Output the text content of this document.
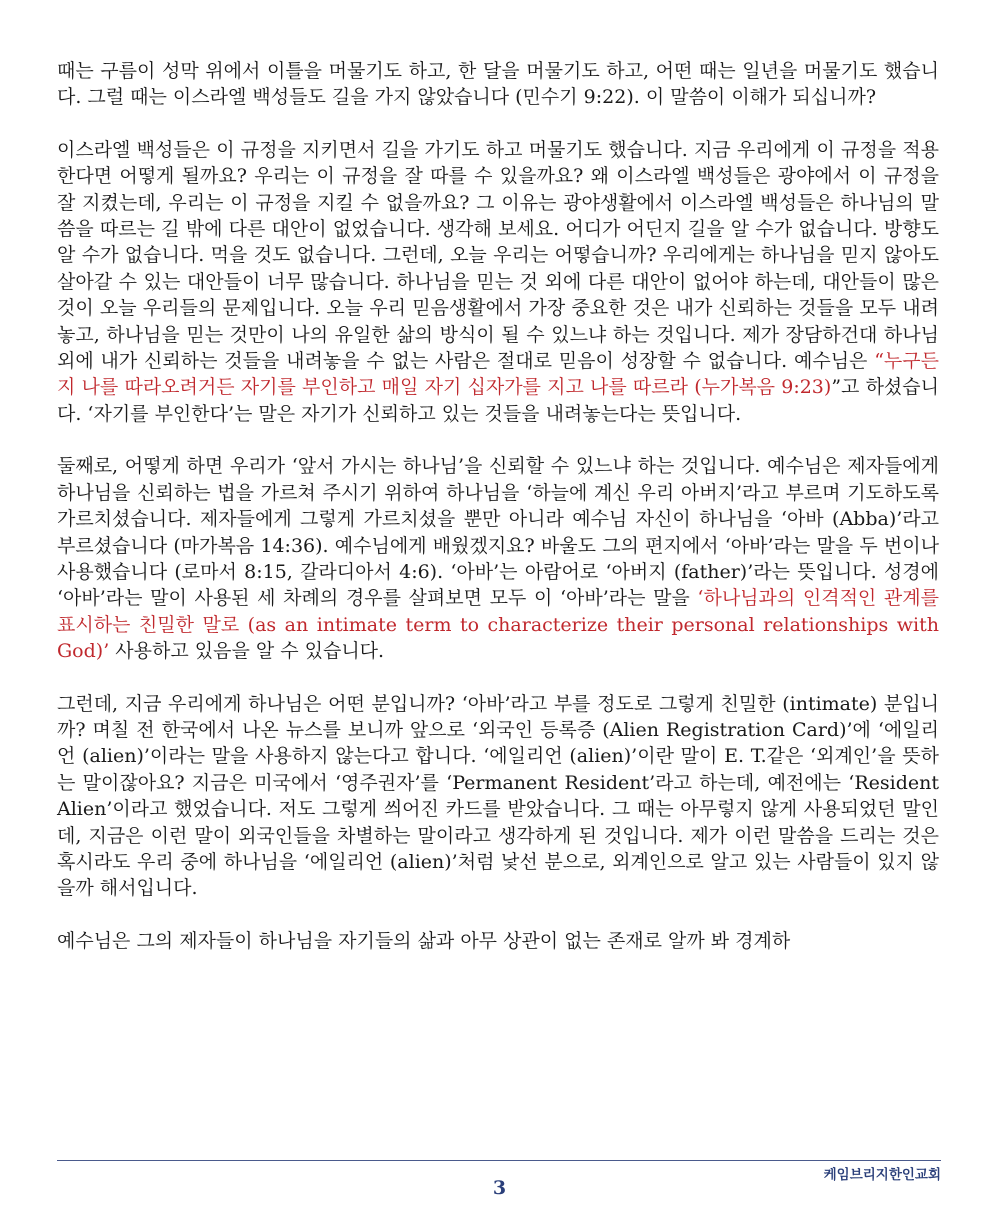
때는 구름이 성막 위에서 이틀을 머물기도 하고, 한 달을 머물기도 하고, 어떤 때는 일년을 머물기도 했습니다. 그럴 때는 이스라엘 백성들도 길을 가지 않았습니다 (민수기 9:22). 이 말씀이 이해가 되십니까?

이스라엘 백성들은 이 규정을 지키면서 길을 가기도 하고 머물기도 했습니다. 지금 우리에게 이 규정을 적용한다면 어떻게 될까요? 우리는 이 규정을 잘 따를 수 있을까요? 왜 이스라엘 백성들은 광야에서 이 규정을 잘 지켰는데, 우리는 이 규정을 지킬 수 없을까요? 그 이유는 광야생활에서 이스라엘 백성들은 하나님의 말씀을 따르는 길 밖에 다른 대안이 없었습니다. 생각해 보세요. 어디가 어딘지 길을 알 수가 없습니다. 방향도 알 수가 없습니다. 먹을 것도 없습니다. 그런데, 오늘 우리는 어떻습니까? 우리에게는 하나님을 믿지 않아도 살아갈 수 있는 대안들이 너무 많습니다. 하나님을 믿는 것 외에 다른 대안이 없어야 하는데, 대안들이 많은 것이 오늘 우리들의 문제입니다. 오늘 우리 믿음생활에서 가장 중요한 것은 내가 신뢰하는 것들을 모두 내려 놓고, 하나님을 믿는 것만이 나의 유일한 삶의 방식이 될 수 있느냐 하는 것입니다. 제가 장담하건대 하나님 외에 내가 신뢰하는 것들을 내려놓을 수 없는 사람은 절대로 믿음이 성장할 수 없습니다. 예수님은 “누구든지 나를 따라오려거든 자기를 부인하고 매일 자기 십자가를 지고 나를 따르라 (누가복음 9:23)”고 하셨습니다. ‘자기를 부인한다’는 말은 자기가 신뢰하고 있는 것들을 내려놓는다는 뜻입니다.

둘째로, 어떻게 하면 우리가 ‘앞서 가시는 하나님’을 신뢰할 수 있느냐 하는 것입니다. 예수님은 제자들에게 하나님을 신뢰하는 법을 가르쳐 주시기 위하여 하나님을 ‘하늘에 계신 우리 아버지’라고 부르며 기도하도록 가르치셨습니다. 제자들에게 그렇게 가르치셨을 뿐만 아니라 예수님 자신이 하나님을 ‘아바 (Abba)’라고 부르셨습니다 (마가복음 14:36). 예수님에게 배웠겠지요? 바울도 그의 편지에서 ‘아바’라는 말을 두 번이나 사용했습니다 (로마서 8:15, 갈라디아서 4:6). ‘아바’는 아람어로 ‘아버지 (father)’라는 뜻입니다. 성경에 ‘아바’라는 말이 사용된 세 차례의 경우를 살펴보면 모두 이 ‘아바’라는 말을 ‘하나님과의 인격적인 관계를 표시하는 친밀한 말로 (as an intimate term to characterize their personal relationships with God)’ 사용하고 있음을 알 수 있습니다.

그런데, 지금 우리에게 하나님은 어떤 분입니까? ‘아바’라고 부를 정도로 그렇게 친밀한 (intimate) 분입니까? 며칠 전 한국에서 나온 뉴스를 보니까 앞으로 ‘외국인 등록증 (Alien Registration Card)’에 ‘에일리언 (alien)’이라는 말을 사용하지 않는다고 합니다. ‘에일리언 (alien)’이란 말이 E. T.같은 ‘외계인’을 뜻하는 말이잖아요? 지금은 미국에서 ‘영주권자’를 ‘Permanent Resident’라고 하는데, 예전에는 ‘Resident Alien’이라고 했었습니다. 저도 그렇게 씌어진 카드를 받았습니다. 그 때는 아무렇지 않게 사용되었던 말인데, 지금은 이런 말이 외국인들을 차별하는 말이라고 생각하게 된 것입니다. 제가 이런 말씀을 드리는 것은 혹시라도 우리 중에 하나님을 ‘에일리언 (alien)’처럼 낯선 분으로, 외계인으로 알고 있는 사람들이 있지 않을까 해서입니다.

예수님은 그의 제자들이 하나님을 자기들의 삶과 아무 상관이 없는 존재로 알까 봐 경계하

케임브리지한인교회
3
